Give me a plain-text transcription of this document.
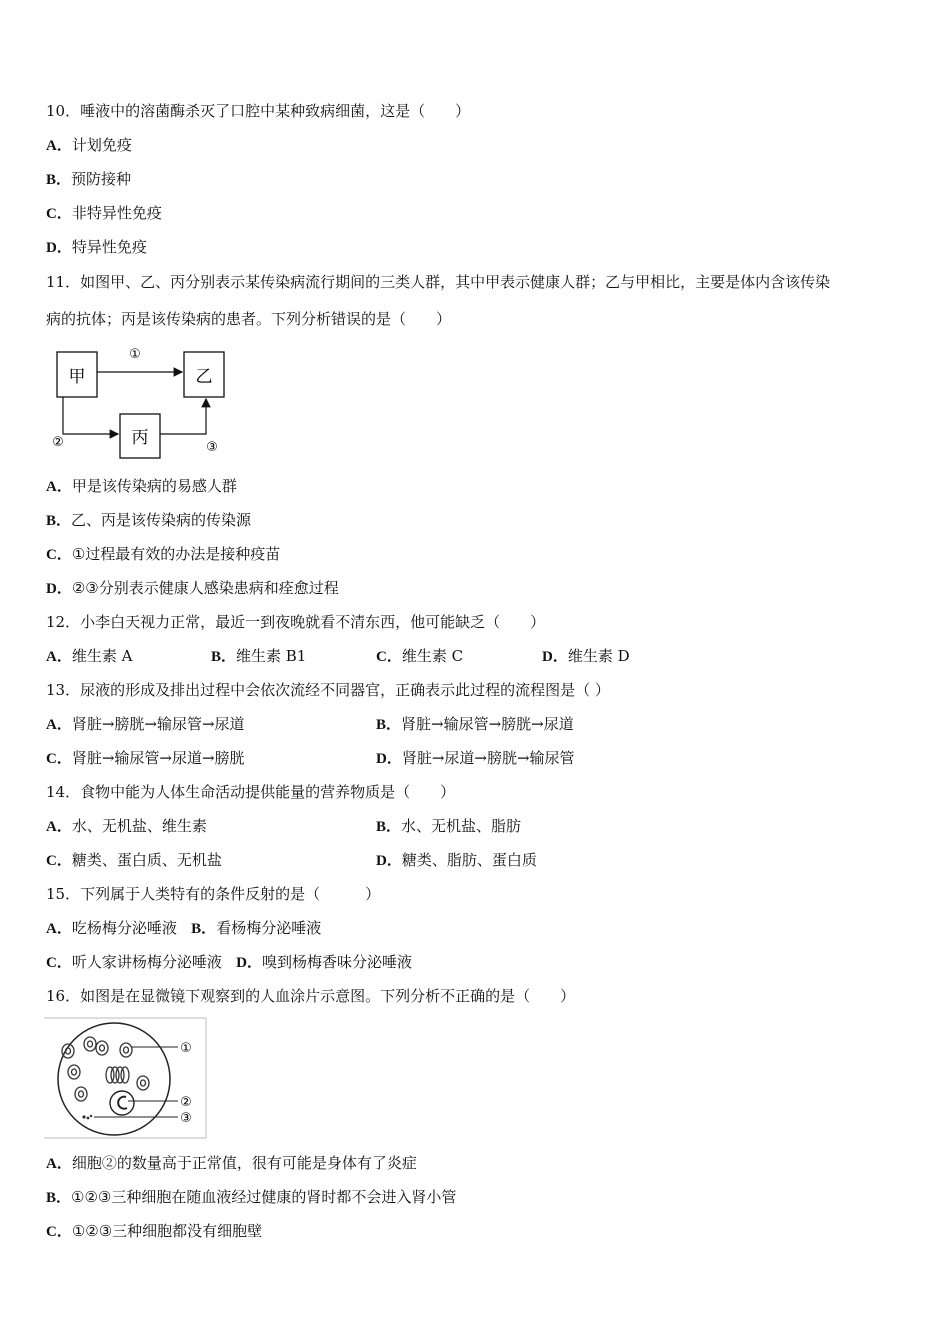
10．唾液中的溶菌酶杀灭了口腔中某种致病细菌，这是（　　）
A．计划免疫
B．预防接种
C．非特异性免疫
D．特异性免疫
11．如图甲、乙、丙分别表示某传染病流行期间的三类人群，其中甲表示健康人群；乙与甲相比，主要是体内含该传染
病的抗体；丙是该传染病的患者。下列分析错误的是（　　）
甲	乙
丙
①
②	③
A．甲是该传染病的易感人群
B．乙、丙是该传染病的传染源
C．①过程最有效的办法是接种疫苗
D．②③分别表示健康人感染患病和痊愈过程
12．小李白天视力正常，最近一到夜晚就看不清东西，他可能缺乏（　　）
A．维生素 A	B．维生素 B1	C．维生素 C	D．维生素 D
13．尿液的形成及排出过程中会依次流经不同器官，正确表示此过程的流程图是（ ）
A．肾脏→膀胱→输尿管→尿道	B．肾脏→输尿管→膀胱→尿道
C．肾脏→输尿管→尿道→膀胱	D．肾脏→尿道→膀胱→输尿管
14．食物中能为人体生命活动提供能量的营养物质是（　　）
A．水、无机盐、维生素	B．水、无机盐、脂肪
C．糖类、蛋白质、无机盐	D．糖类、脂肪、蛋白质
15．下列属于人类特有的条件反射的是（　　　）
A．吃杨梅分泌唾液 B．看杨梅分泌唾液
C．听人家讲杨梅分泌唾液 D．嗅到杨梅香味分泌唾液
16．如图是在显微镜下观察到的人血涂片示意图。下列分析不正确的是（　　）
①
②
③
A．细胞②的数量高于正常值，很有可能是身体有了炎症
B．①②③三种细胞在随血液经过健康的肾时都不会进入肾小管
C．①②③三种细胞都没有细胞壁
